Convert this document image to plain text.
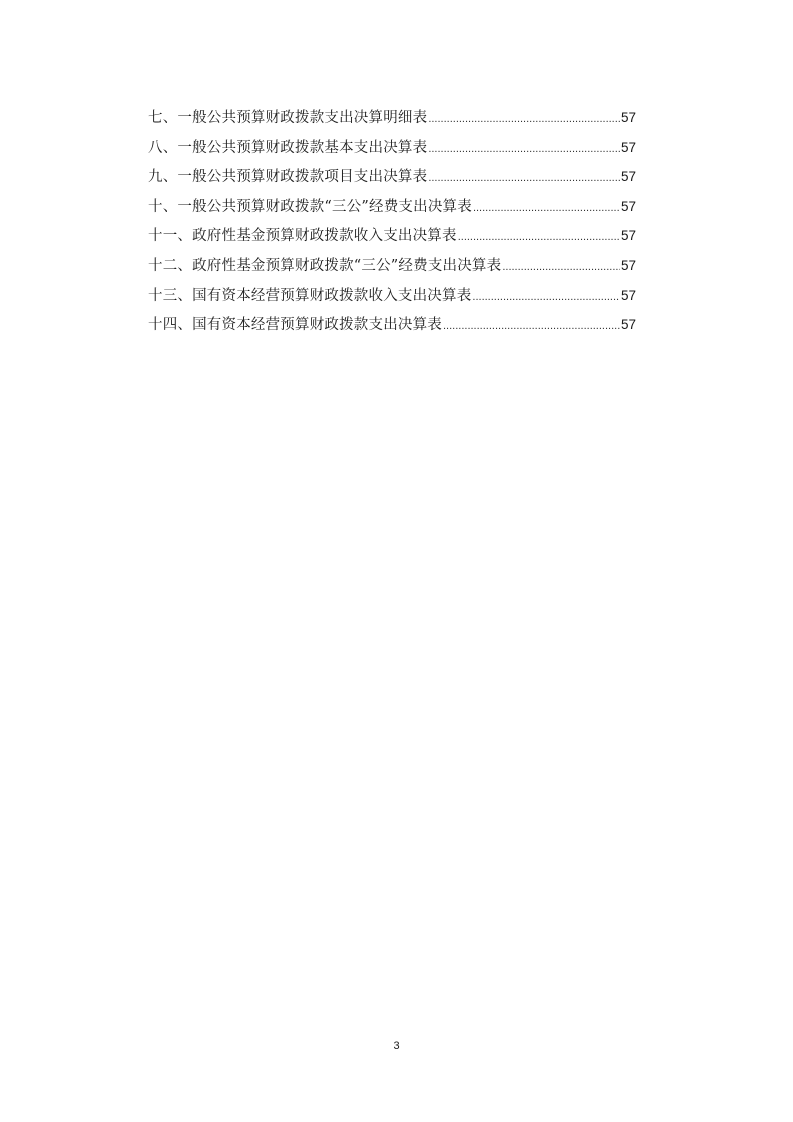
七、一般公共预算财政拨款支出决算明细表 .....	57
八、一般公共预算财政拨款基本支出决算表 .....	57
九、一般公共预算财政拨款项目支出决算表 .....	57
十、一般公共预算财政拨款“三公”经费支出决算表 .....	57
十一、政府性基金预算财政拨款收入支出决算表 .....	57
十二、政府性基金预算财政拨款“三公”经费支出决算表 .....	57
十三、国有资本经营预算财政拨款收入支出决算表 .....	57
十四、国有资本经营预算财政拨款支出决算表 .....	57
3
